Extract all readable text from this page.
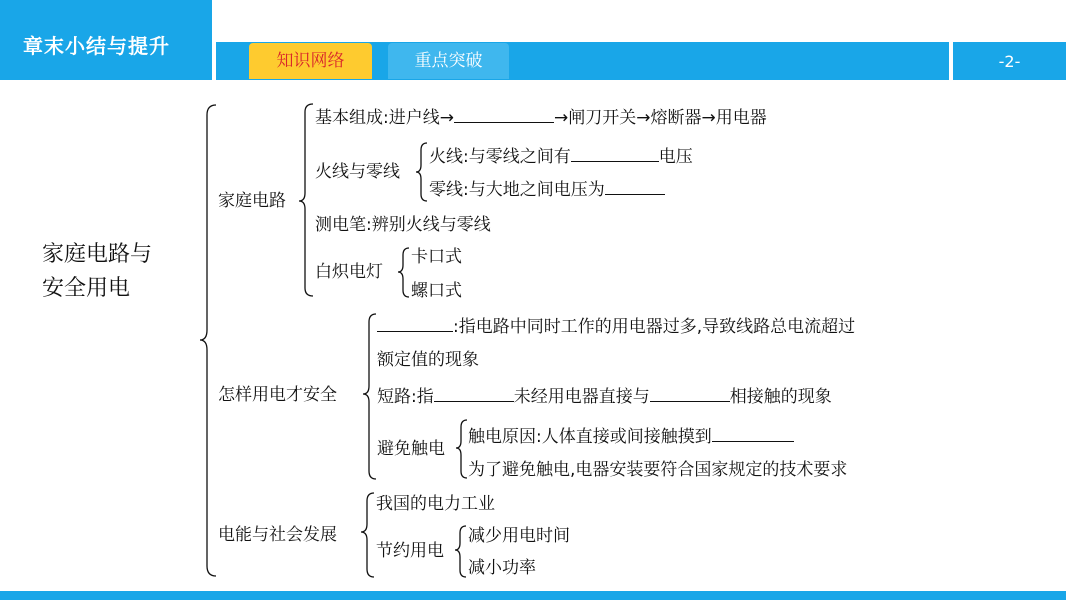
章末小结与提升
知识网络	重点突破	-2-
家庭电路与
安全用电
家庭电路
基本组成:进户线→	→闸刀开关→熔断器→用电器
火线与零线
火线:与零线之间有	电压
零线:与大地之间电压为
测电笔:辨别火线与零线
白炽电灯
卡口式
螺口式
怎样用电才安全
:指电路中同时工作的用电器过多,导致线路总电流超过
额定值的现象
短路:指	未经用电器直接与	相接触的现象
避免触电
触电原因:人体直接或间接触摸到
为了避免触电,电器安装要符合国家规定的技术要求
电能与社会发展
我国的电力工业
节约用电
减少用电时间
减小功率
